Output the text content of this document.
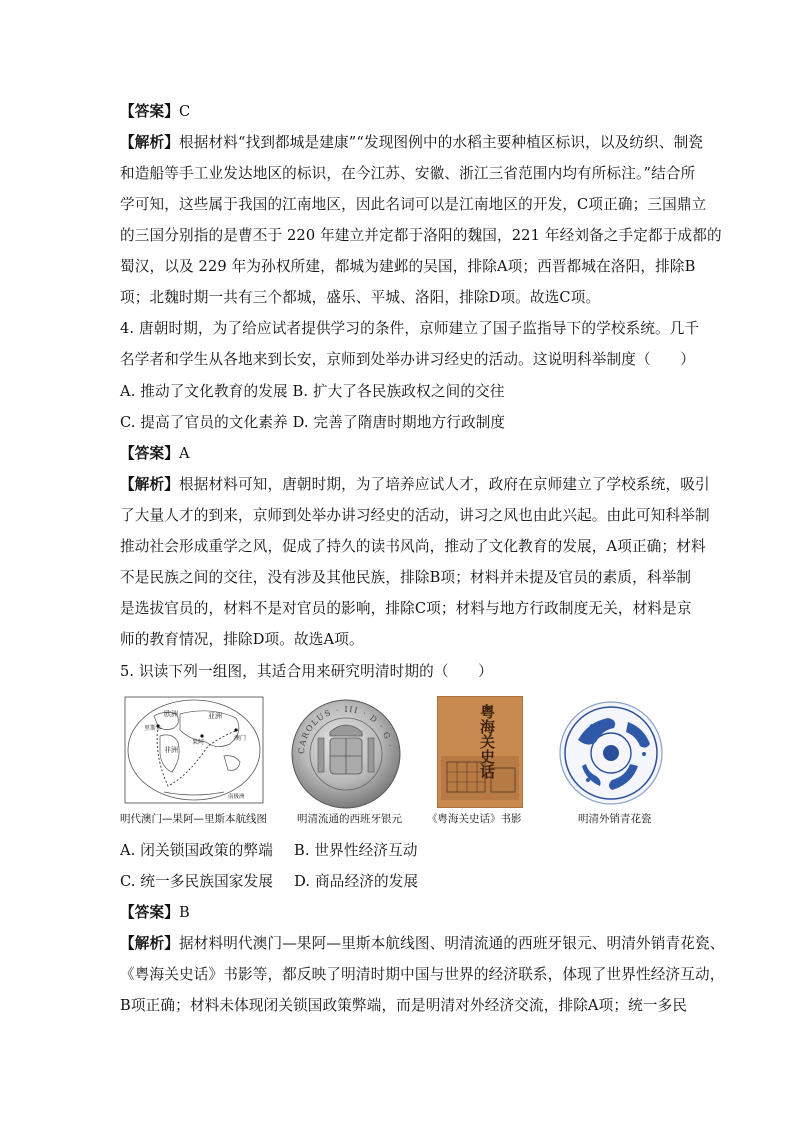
【答案】C
【解析】根据材料“找到都城是建康”“发现图例中的水稻主要种植区标识，以及纺织、制瓷
和造船等手工业发达地区的标识，在今江苏、安徽、浙江三省范围内均有所标注。”结合所
学可知，这些属于我国的江南地区，因此名词可以是江南地区的开发，C项正确；三国鼎立
的三国分别指的是曹丕于 220 年建立并定都于洛阳的魏国，221 年经刘备之手定都于成都的
蜀汉，以及 229 年为孙权所建，都城为建邺的吴国，排除A项；西晋都城在洛阳，排除B
项；北魏时期一共有三个都城，盛乐、平城、洛阳，排除D项。故选C项。
4. 唐朝时期，为了给应试者提供学习的条件，京师建立了国子监指导下的学校系统。几千
名学者和学生从各地来到长安，京师到处举办讲习经史的活动。这说明科举制度（　　）
A. 推动了文化教育的发展 B. 扩大了各民族政权之间的交往
C. 提高了官员的文化素养 D. 完善了隋唐时期地方行政制度
【答案】A
【解析】根据材料可知，唐朝时期，为了培养应试人才，政府在京师建立了学校系统，吸引
了大量人才的到来，京师到处举办讲习经史的活动，讲习之风也由此兴起。由此可知科举制
推动社会形成重学之风，促成了持久的读书风尚，推动了文化教育的发展，A项正确；材料
不是民族之间的交往，没有涉及其他民族，排除B项；材料并未提及官员的素质，科举制
是选拔官员的，材料不是对官员的影响，排除C项；材料与地方行政制度无关，材料是京
师的教育情况，排除D项。故选A项。
5. 识读下列一组图，其适合用来研究明清时期的（　　）
欧洲	亚洲
非洲
里斯本
果阿
澳门
南极洲
明代澳门—果阿—里斯本航线图
CAROLUS · III · D · G ·
明清流通的西班牙银元
粤海关史话
《粤海关史话》书影	明清外销青花瓷
A. 闭关锁国政策的弊端 B. 世界性经济互动
C. 统一多民族国家发展 D. 商品经济的发展
【答案】B
【解析】据材料明代澳门—果阿—里斯本航线图、明清流通的西班牙银元、明清外销青花瓷、
《粤海关史话》书影等，都反映了明清时期中国与世界的经济联系，体现了世界性经济互动，
B项正确；材料未体现闭关锁国政策弊端，而是明清对外经济交流，排除A项；统一多民
